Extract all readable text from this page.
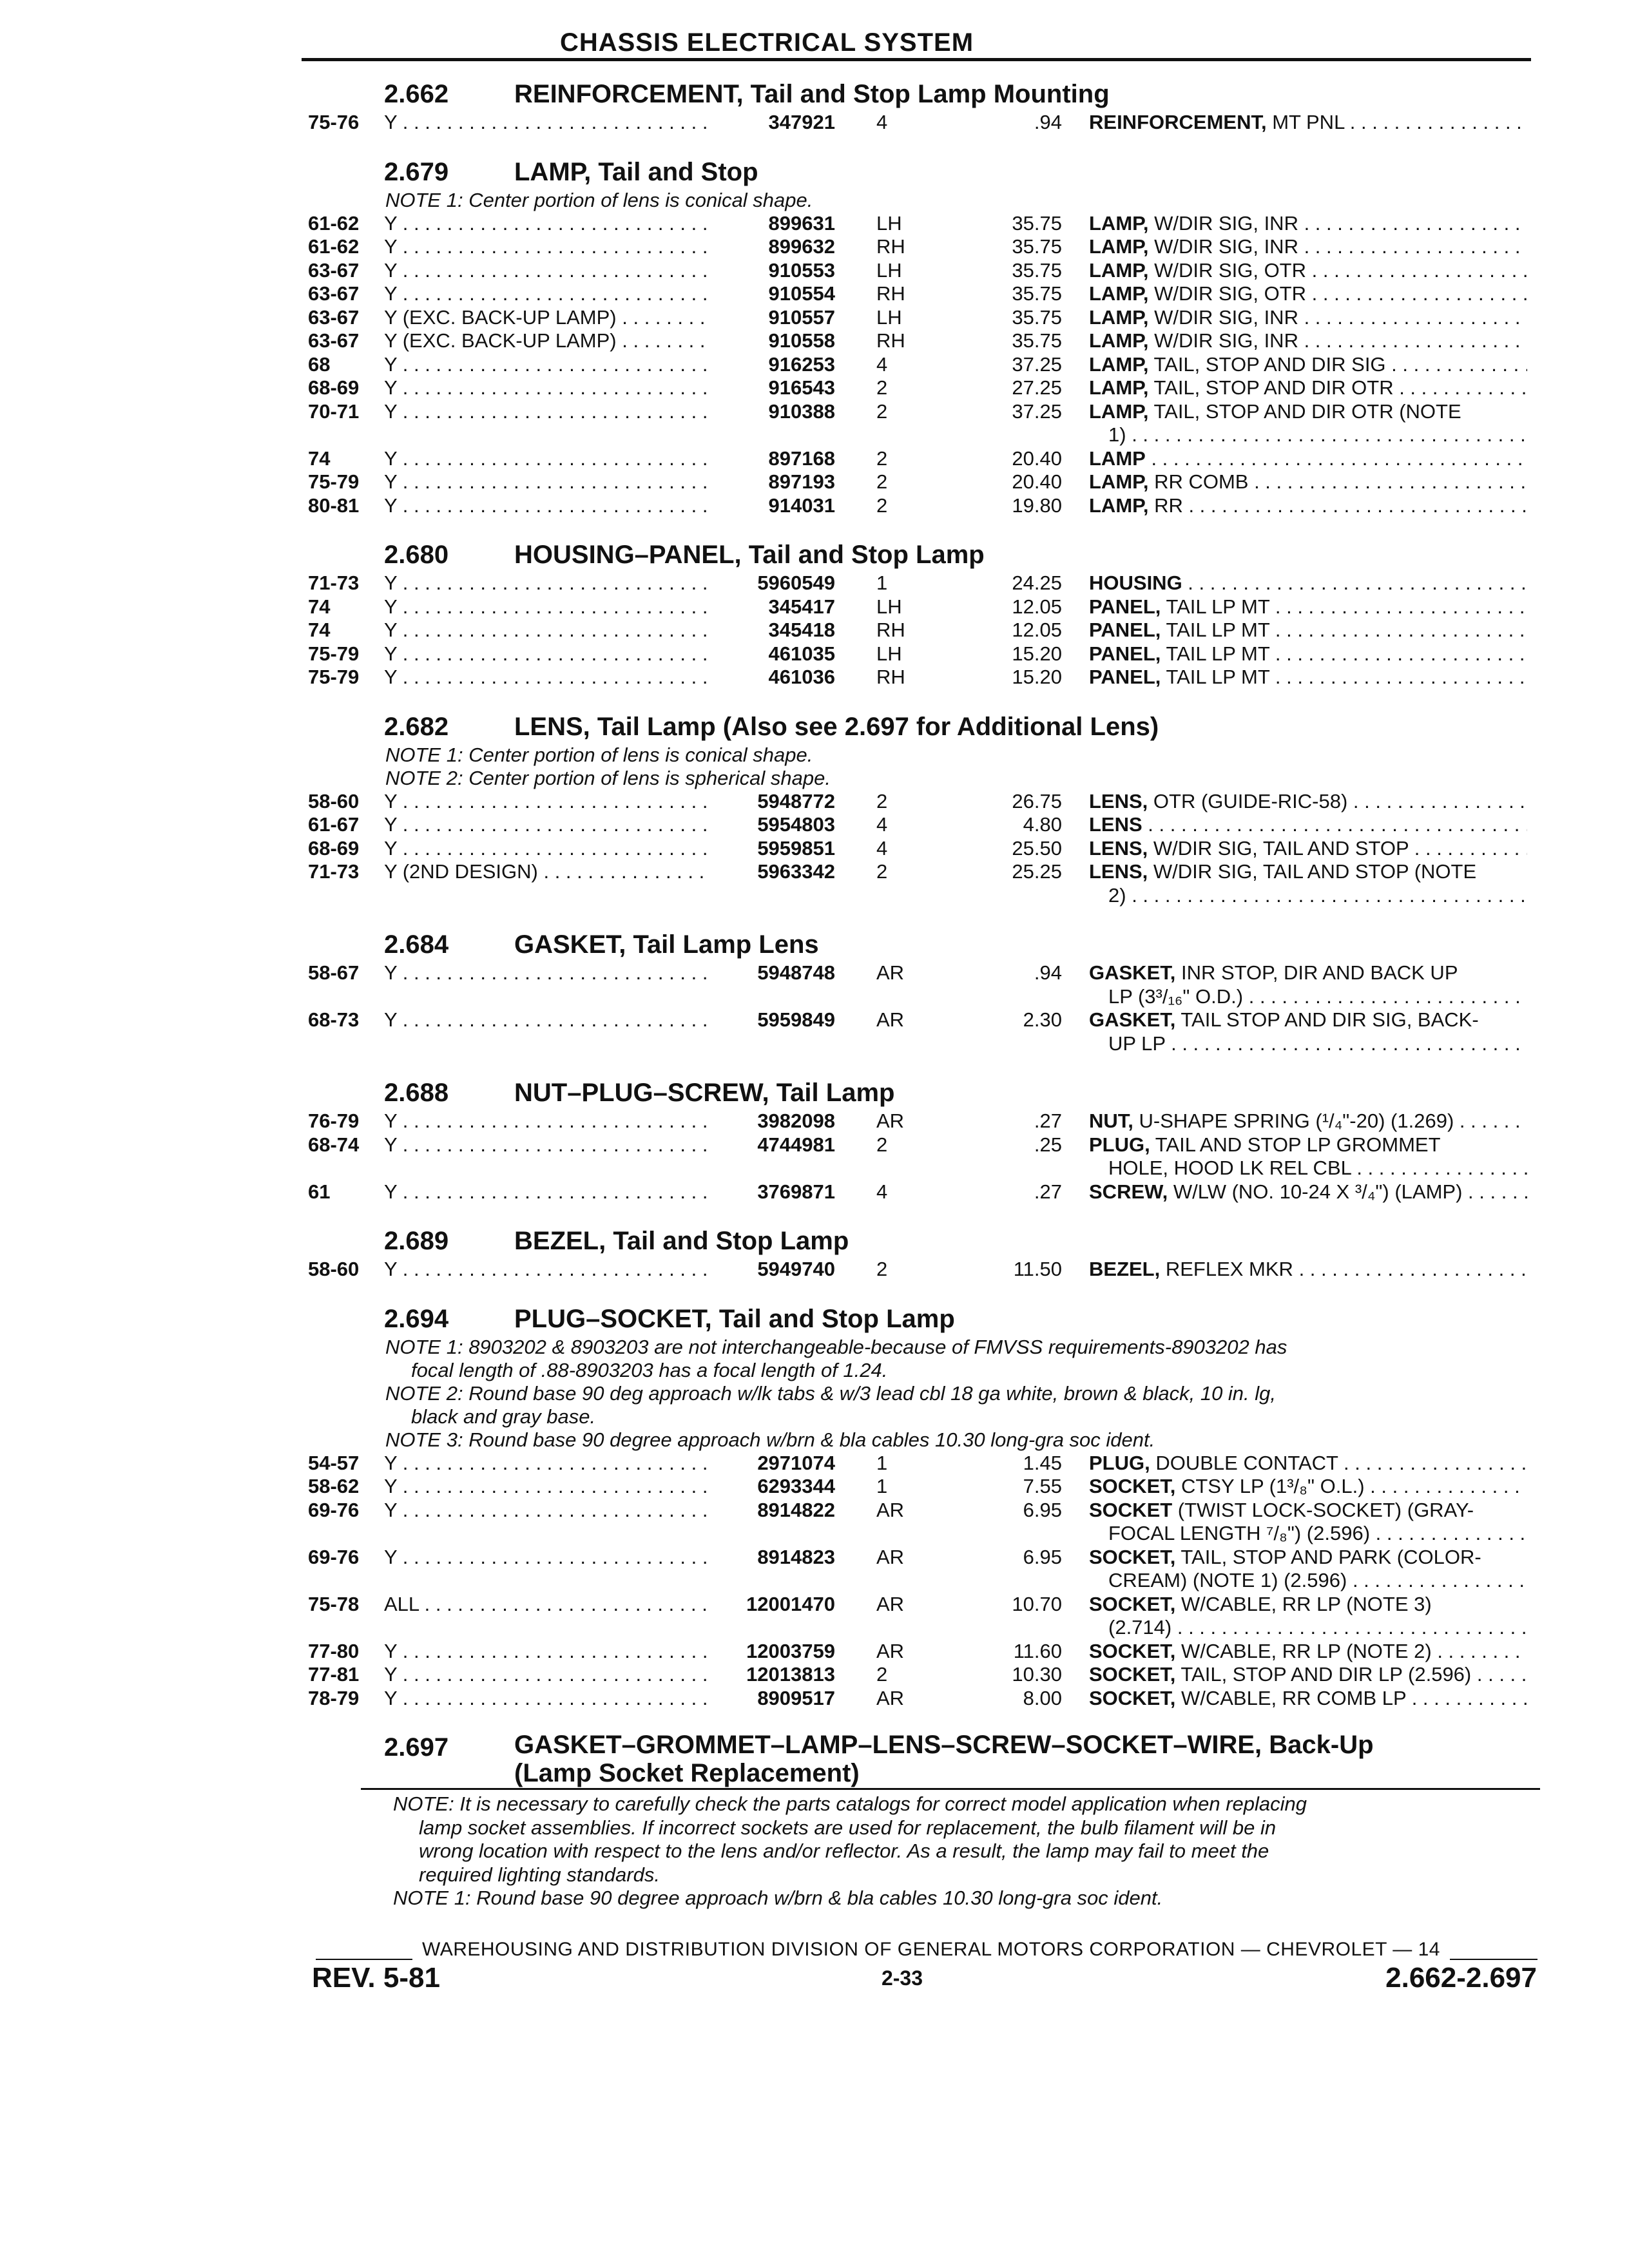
CHASSIS ELECTRICAL SYSTEM
2.662	REINFORCEMENT, Tail and Stop Lamp Mounting
75-76 Y . . .	347921 4	.94 REINFORCEMENT, MT PNL . . .
2.679	LAMP, Tail and Stop
NOTE 1: Center portion of lens is conical shape.
61-62 Y . . .	899631 LH	35.75 LAMP, W/DIR SIG, INR . . .
61-62 Y . . .	899632 RH	35.75 LAMP, W/DIR SIG, INR . . .
63-67 Y . . .	910553 LH	35.75 LAMP, W/DIR SIG, OTR . . .
63-67 Y . . .	910554 RH	35.75 LAMP, W/DIR SIG, OTR . . .
63-67 Y (EXC. BACK-UP LAMP) . . .	910557 LH	35.75 LAMP, W/DIR SIG, INR . . .
63-67 Y (EXC. BACK-UP LAMP) . . .	910558 RH	35.75 LAMP, W/DIR SIG, INR . . .
68	Y . . .	916253 4	37.25 LAMP, TAIL, STOP AND DIR SIG . . .
68-69 Y . . .	916543 2	27.25 LAMP, TAIL, STOP AND DIR OTR . . .
70-71 Y . . .	910388 2	37.25 LAMP, TAIL, STOP AND DIR OTR (NOTE
1) . . .
74	Y . . .	897168 2	20.40 LAMP . . .
75-79 Y . . .	897193 2	20.40 LAMP, RR COMB . . .
80-81 Y . . .	914031 2	19.80 LAMP, RR . . .
2.680	HOUSING–PANEL, Tail and Stop Lamp
71-73 Y . . .	5960549 1	24.25 HOUSING . . .
74	Y . . .	345417 LH	12.05 PANEL, TAIL LP MT . . .
74	Y . . .	345418 RH	12.05 PANEL, TAIL LP MT . . .
75-79 Y . . .	461035 LH	15.20 PANEL, TAIL LP MT . . .
75-79 Y . . .	461036 RH	15.20 PANEL, TAIL LP MT . . .
2.682	LENS, Tail Lamp (Also see 2.697 for Additional Lens)
NOTE 1: Center portion of lens is conical shape.
NOTE 2: Center portion of lens is spherical shape.
58-60 Y . . .	5948772 2	26.75 LENS, OTR (GUIDE-RIC-58) . . .
61-67 Y . . .	5954803 4	4.80 LENS . . .
68-69 Y . . .	5959851 4	25.50 LENS, W/DIR SIG, TAIL AND STOP . . .
71-73 Y (2ND DESIGN) . . .	5963342 2	25.25 LENS, W/DIR SIG, TAIL AND STOP (NOTE
2) . . .
2.684	GASKET, Tail Lamp Lens
58-67 Y . . .	5948748 AR	.94 GASKET, INR STOP, DIR AND BACK UP
LP (3³/₁₆" O.D.) . . .
68-73 Y . . .	5959849 AR	2.30 GASKET, TAIL STOP AND DIR SIG, BACK-
UP LP . . .
2.688	NUT–PLUG–SCREW, Tail Lamp
76-79 Y . . .	3982098 AR	.27 NUT, U-SHAPE SPRING (¹/₄"-20) (1.269) . . .
68-74 Y . . .	4744981 2	.25 PLUG, TAIL AND STOP LP GROMMET
HOLE, HOOD LK REL CBL . . .
61	Y . . .	3769871 4	.27 SCREW, W/LW (NO. 10-24 X ³/₄") (LAMP) . . .
2.689	BEZEL, Tail and Stop Lamp
58-60 Y . . .	5949740 2	11.50 BEZEL, REFLEX MKR . . .
2.694	PLUG–SOCKET, Tail and Stop Lamp
NOTE 1: 8903202 & 8903203 are not interchangeable-because of FMVSS requirements-8903202 has
focal length of .88-8903203 has a focal length of 1.24.
NOTE 2: Round base 90 deg approach w/lk tabs & w/3 lead cbl 18 ga white, brown & black, 10 in. lg,
black and gray base.
NOTE 3: Round base 90 degree approach w/brn & bla cables 10.30 long-gra soc ident.
54-57 Y . . .	2971074 1	1.45 PLUG, DOUBLE CONTACT . . .
58-62 Y . . .	6293344 1	7.55 SOCKET, CTSY LP (1³/₈" O.L.) . . .
69-76 Y . . .	8914822 AR	6.95 SOCKET (TWIST LOCK-SOCKET) (GRAY-
FOCAL LENGTH ⁷/₈") (2.596) . . .
69-76 Y . . .	8914823 AR	6.95 SOCKET, TAIL, STOP AND PARK (COLOR-
CREAM) (NOTE 1) (2.596) . . .
75-78 ALL . . .	12001470 AR	10.70 SOCKET, W/CABLE, RR LP (NOTE 3)
(2.714) . . .
77-80 Y . . .	12003759 AR	11.60 SOCKET, W/CABLE, RR LP (NOTE 2) . . .
77-81 Y . . .	12013813 2	10.30 SOCKET, TAIL, STOP AND DIR LP (2.596) . . .
78-79 Y . . .	8909517 AR	8.00 SOCKET, W/CABLE, RR COMB LP . . .
2.697	GASKET–GROMMET–LAMP–LENS–SCREW–SOCKET–WIRE, Back-Up
(Lamp Socket Replacement)
NOTE: It is necessary to carefully check the parts catalogs for correct model application when replacing
lamp socket assemblies. If incorrect sockets are used for replacement, the bulb filament will be in
wrong location with respect to the lens and/or reflector. As a result, the lamp may fail to meet the
required lighting standards.
NOTE 1: Round base 90 degree approach w/brn & bla cables 10.30 long-gra soc ident.
WAREHOUSING AND DISTRIBUTION DIVISION OF GENERAL MOTORS CORPORATION — CHEVROLET — 14
REV. 5-81	2-33	2.662-2.697
